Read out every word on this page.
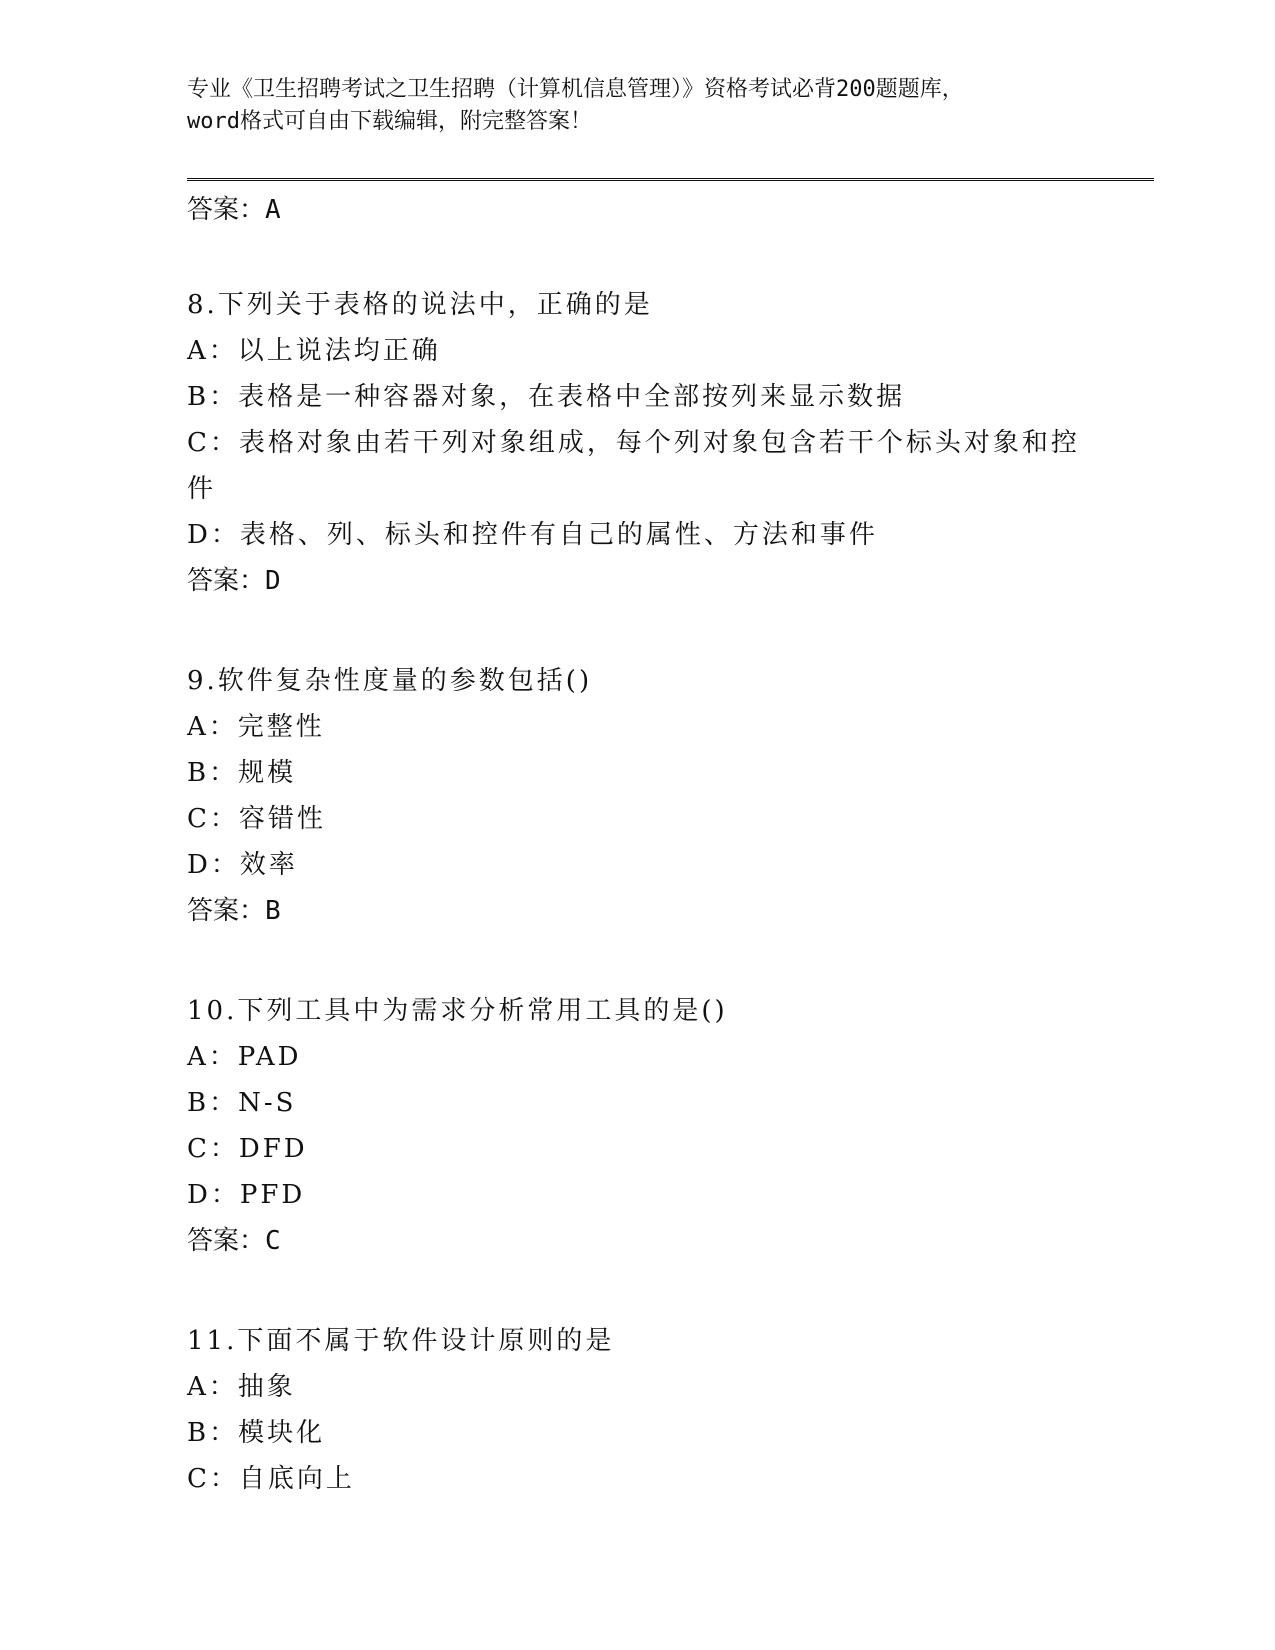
专业《卫生招聘考试之卫生招聘（计算机信息管理）》资格考试必背200题题库，
word格式可自由下载编辑，附完整答案！
答案：A
8.下列关于表格的说法中，正确的是
A：以上说法均正确
B：表格是一种容器对象，在表格中全部按列来显示数据
C：表格对象由若干列对象组成，每个列对象包含若干个标头对象和控件
D：表格、列、标头和控件有自己的属性、方法和事件
答案：D
9.软件复杂性度量的参数包括()
A：完整性
B：规模
C：容错性
D：效率
答案：B
10.下列工具中为需求分析常用工具的是()
A：PAD
B：N-S
C：DFD
D：PFD
答案：C
11.下面不属于软件设计原则的是
A：抽象
B：模块化
C：自底向上
